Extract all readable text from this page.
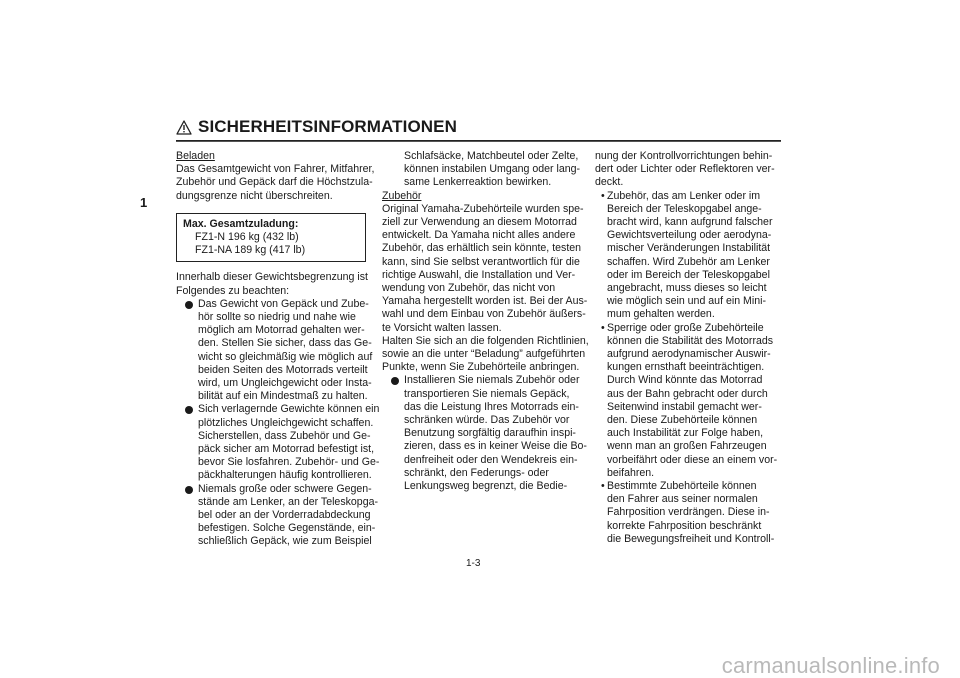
SICHERHEITSINFORMATIONEN
1
Beladen
Das Gesamtgewicht von Fahrer, Mitfahrer,
Zubehör und Gepäck darf die Höchstzula-
dungsgrenze nicht überschreiten.
Max. Gesamtzuladung:
FZ1-N 196 kg (432 lb)
FZ1-NA 189 kg (417 lb)
Innerhalb dieser Gewichtsbegrenzung ist
Folgendes zu beachten:
Das Gewicht von Gepäck und Zube-
hör sollte so niedrig und nahe wie
möglich am Motorrad gehalten wer-
den. Stellen Sie sicher, dass das Ge-
wicht so gleichmäßig wie möglich auf
beiden Seiten des Motorrads verteilt
wird, um Ungleichgewicht oder Insta-
bilität auf ein Mindestmaß zu halten.
Sich verlagernde Gewichte können ein
plötzliches Ungleichgewicht schaffen.
Sicherstellen, dass Zubehör und Ge-
päck sicher am Motorrad befestigt ist,
bevor Sie losfahren. Zubehör- und Ge-
päckhalterungen häufig kontrollieren.
Niemals große oder schwere Gegen-
stände am Lenker, an der Teleskopga-
bel oder an der Vorderradabdeckung
befestigen. Solche Gegenstände, ein-
schließlich Gepäck, wie zum Beispiel
Schlafsäcke, Matchbeutel oder Zelte,
können instabilen Umgang oder lang-
same Lenkerreaktion bewirken.
Zubehör
Original Yamaha-Zubehörteile wurden spe-
ziell zur Verwendung an diesem Motorrad
entwickelt. Da Yamaha nicht alles andere
Zubehör, das erhältlich sein könnte, testen
kann, sind Sie selbst verantwortlich für die
richtige Auswahl, die Installation und Ver-
wendung von Zubehör, das nicht von
Yamaha hergestellt worden ist. Bei der Aus-
wahl und dem Einbau von Zubehör äußers-
te Vorsicht walten lassen.
Halten Sie sich an die folgenden Richtlinien,
sowie an die unter “Beladung” aufgeführten
Punkte, wenn Sie Zubehörteile anbringen.
Installieren Sie niemals Zubehör oder
transportieren Sie niemals Gepäck,
das die Leistung Ihres Motorrads ein-
schränken würde. Das Zubehör vor
Benutzung sorgfältig daraufhin inspi-
zieren, dass es in keiner Weise die Bo-
denfreiheit oder den Wendekreis ein-
schränkt, den Federungs- oder
Lenkungsweg begrenzt, die Bedie-
nung der Kontrollvorrichtungen behin-
dert oder Lichter oder Reflektoren ver-
deckt.
• Zubehör, das am Lenker oder im
Bereich der Teleskopgabel ange-
bracht wird, kann aufgrund falscher
Gewichtsverteilung oder aerodyna-
mischer Veränderungen Instabilität
schaffen. Wird Zubehör am Lenker
oder im Bereich der Teleskopgabel
angebracht, muss dieses so leicht
wie möglich sein und auf ein Mini-
mum gehalten werden.
• Sperrige oder große Zubehörteile
können die Stabilität des Motorrads
aufgrund aerodynamischer Auswir-
kungen ernsthaft beeinträchtigen.
Durch Wind könnte das Motorrad
aus der Bahn gebracht oder durch
Seitenwind instabil gemacht wer-
den. Diese Zubehörteile können
auch Instabilität zur Folge haben,
wenn man an großen Fahrzeugen
vorbeifährt oder diese an einem vor-
beifahren.
• Bestimmte Zubehörteile können
den Fahrer aus seiner normalen
Fahrposition verdrängen. Diese in-
korrekte Fahrposition beschränkt
die Bewegungsfreiheit und Kontroll-
1-3
carmanualsonline.info
